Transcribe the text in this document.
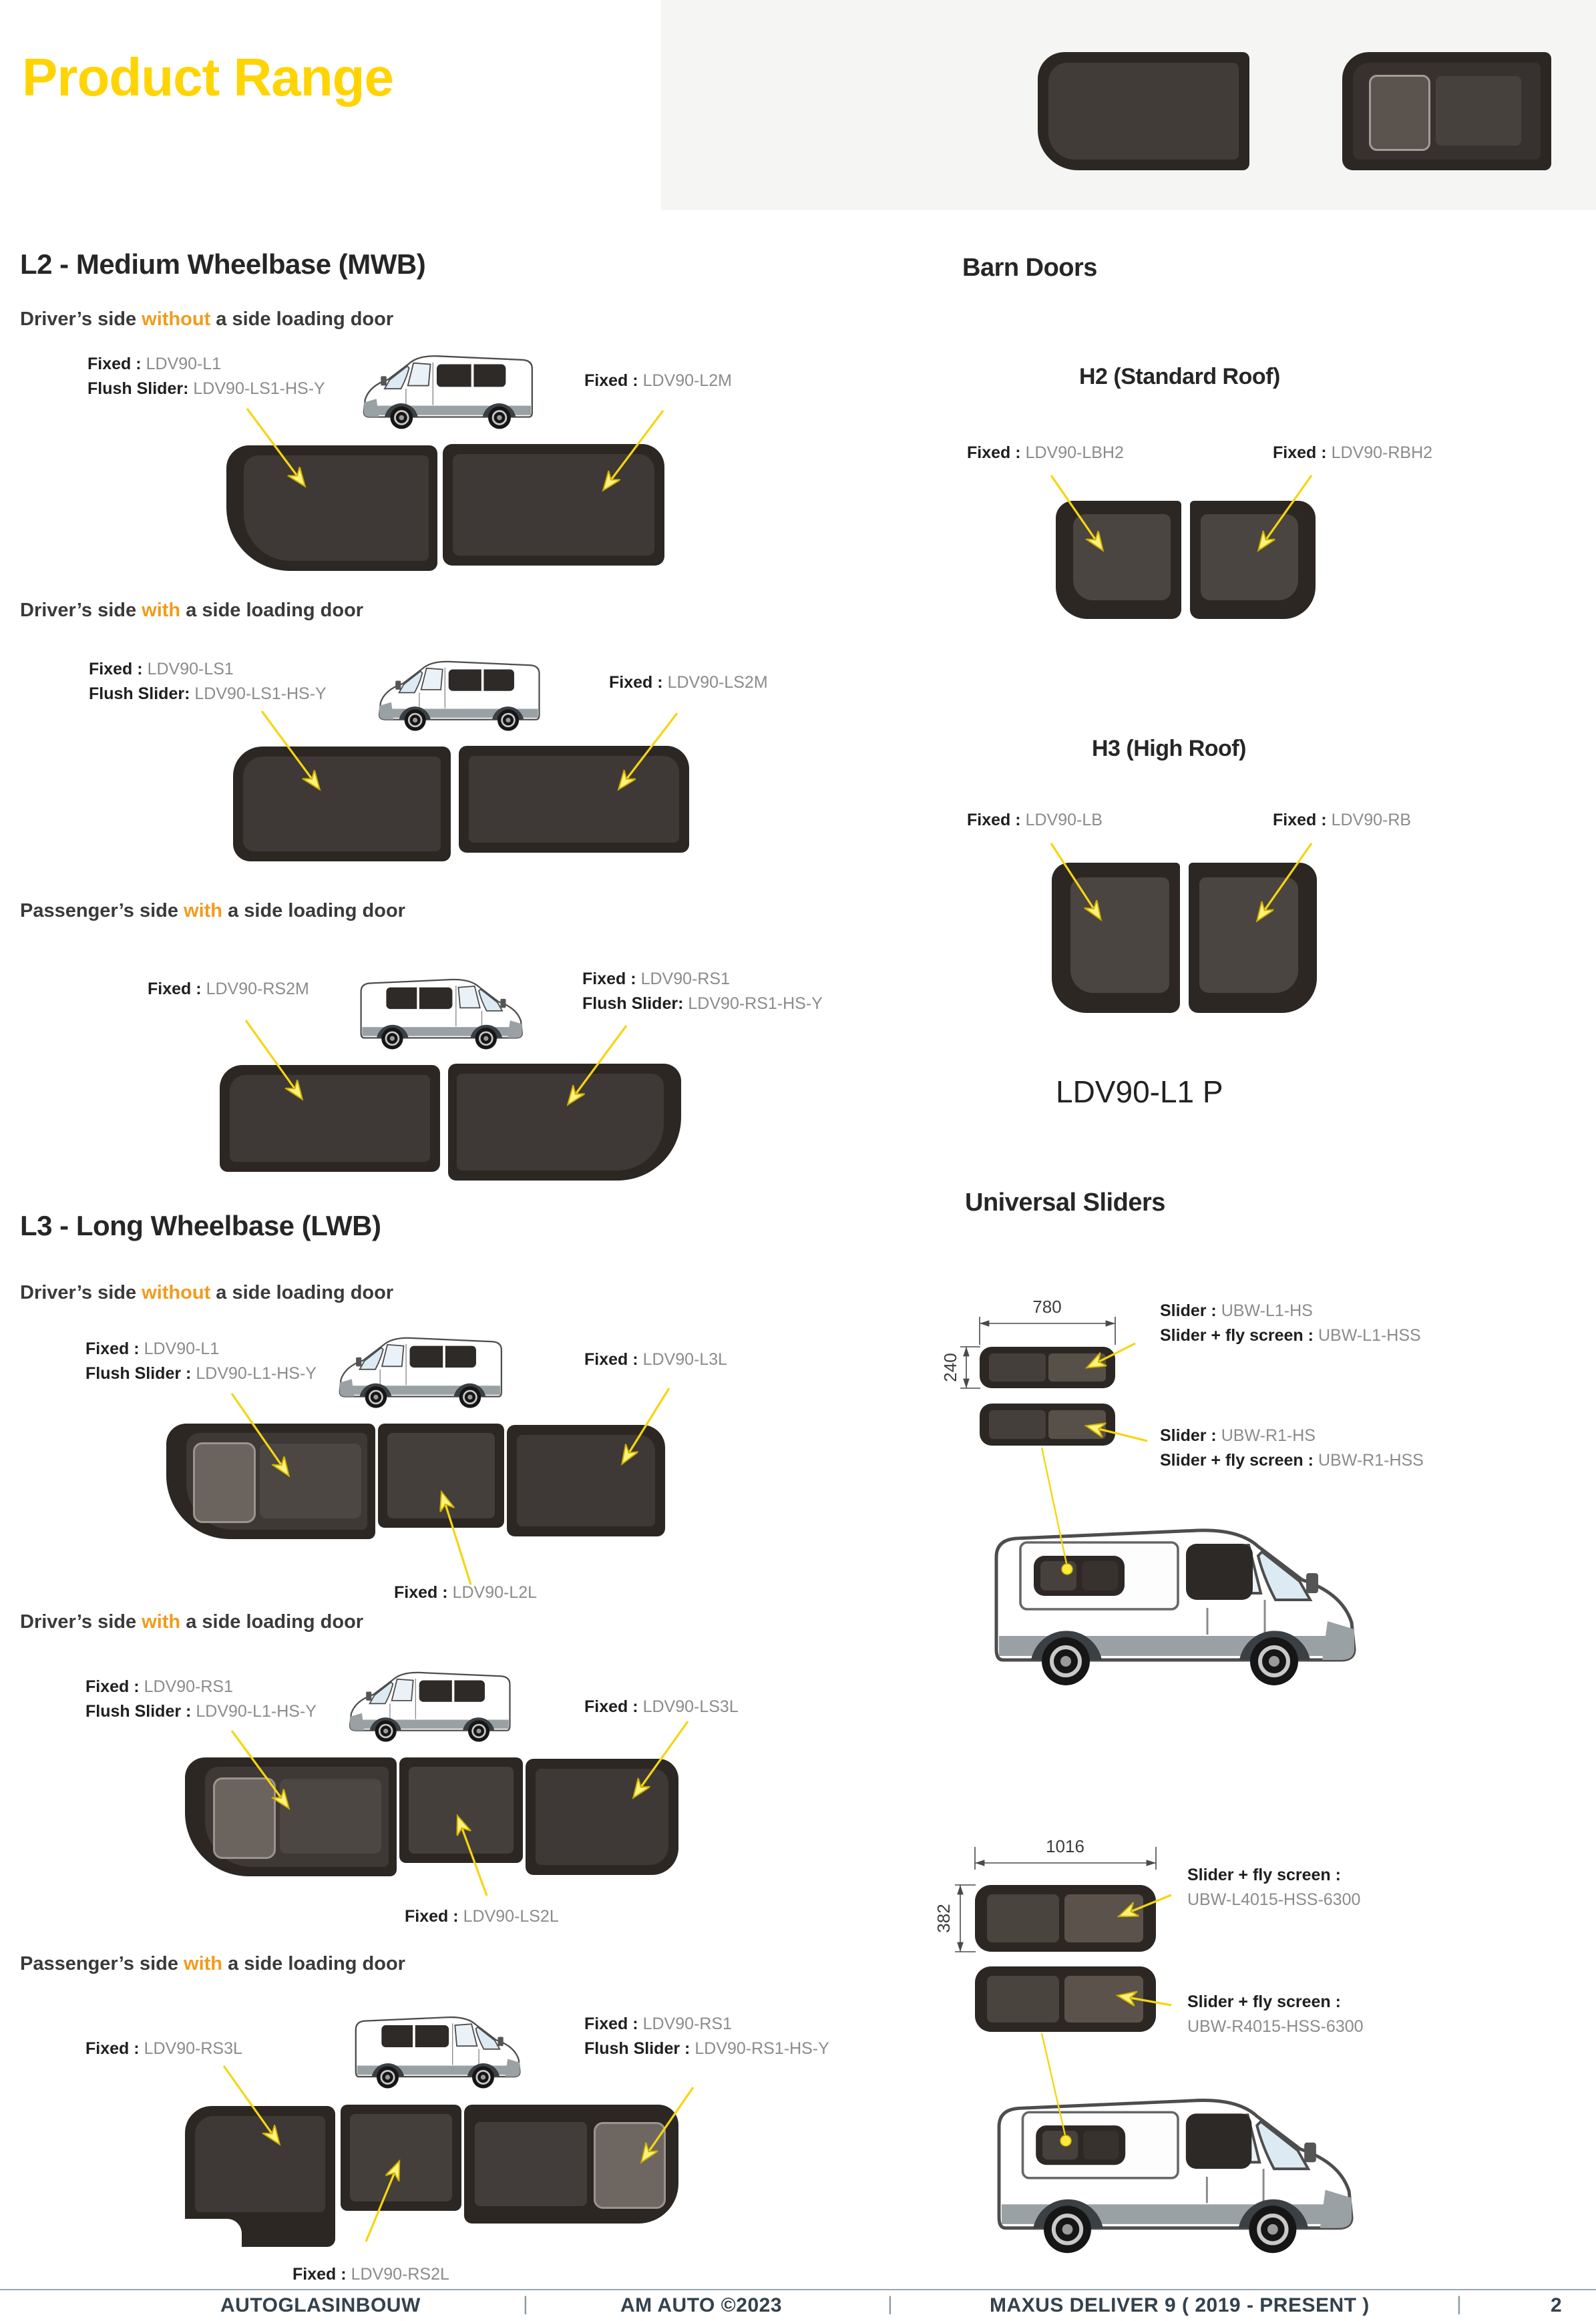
Product Range
L2 - Medium Wheelbase (MWB)
Driver’s side without a side loading door
Fixed : LDV90-L1
Flush Slider: LDV90-LS1-HS-Y	Fixed : LDV90-L2M
Driver’s side with a side loading door
Fixed : LDV90-LS1
Flush Slider: LDV90-LS1-HS-Y
Fixed : LDV90-LS2M
Passenger’s side with a side loading door
Fixed : LDV90-RS2M
Fixed : LDV90-RS1
Flush Slider: LDV90-RS1-HS-Y
L3 - Long Wheelbase (LWB)
Driver’s side without a side loading door
Fixed : LDV90-L1
Flush Slider : LDV90-L1-HS-Y
Fixed : LDV90-L3L
Fixed : LDV90-L2L
Driver’s side with a side loading door
Fixed : LDV90-RS1
Flush Slider : LDV90-L1-HS-Y	Fixed : LDV90-LS3L
Fixed : LDV90-LS2L
Passenger’s side with a side loading door
Fixed : LDV90-RS3L
Fixed : LDV90-RS1
Flush Slider : LDV90-RS1-HS-Y
Fixed : LDV90-RS2L
Barn Doors
H2 (Standard Roof)
Fixed : LDV90-LBH2	Fixed : LDV90-RBH2
H3 (High Roof)
Fixed : LDV90-LB	Fixed : LDV90-RB
LDV90-L1 P
Universal Sliders
Slider : UBW-L1-HS
Slider + fly screen : UBW-L1-HSS
Slider : UBW-R1-HS
Slider + fly screen : UBW-R1-HSS
Slider + fly screen :
UBW-L4015-HSS-6300
Slider + fly screen :
UBW-R4015-HSS-6300
780
240
1016
382
AUTOGLASINBOUW	|	AM AUTO ©2023	|	MAXUS DELIVER 9 ( 2019 - PRESENT )	|	2
